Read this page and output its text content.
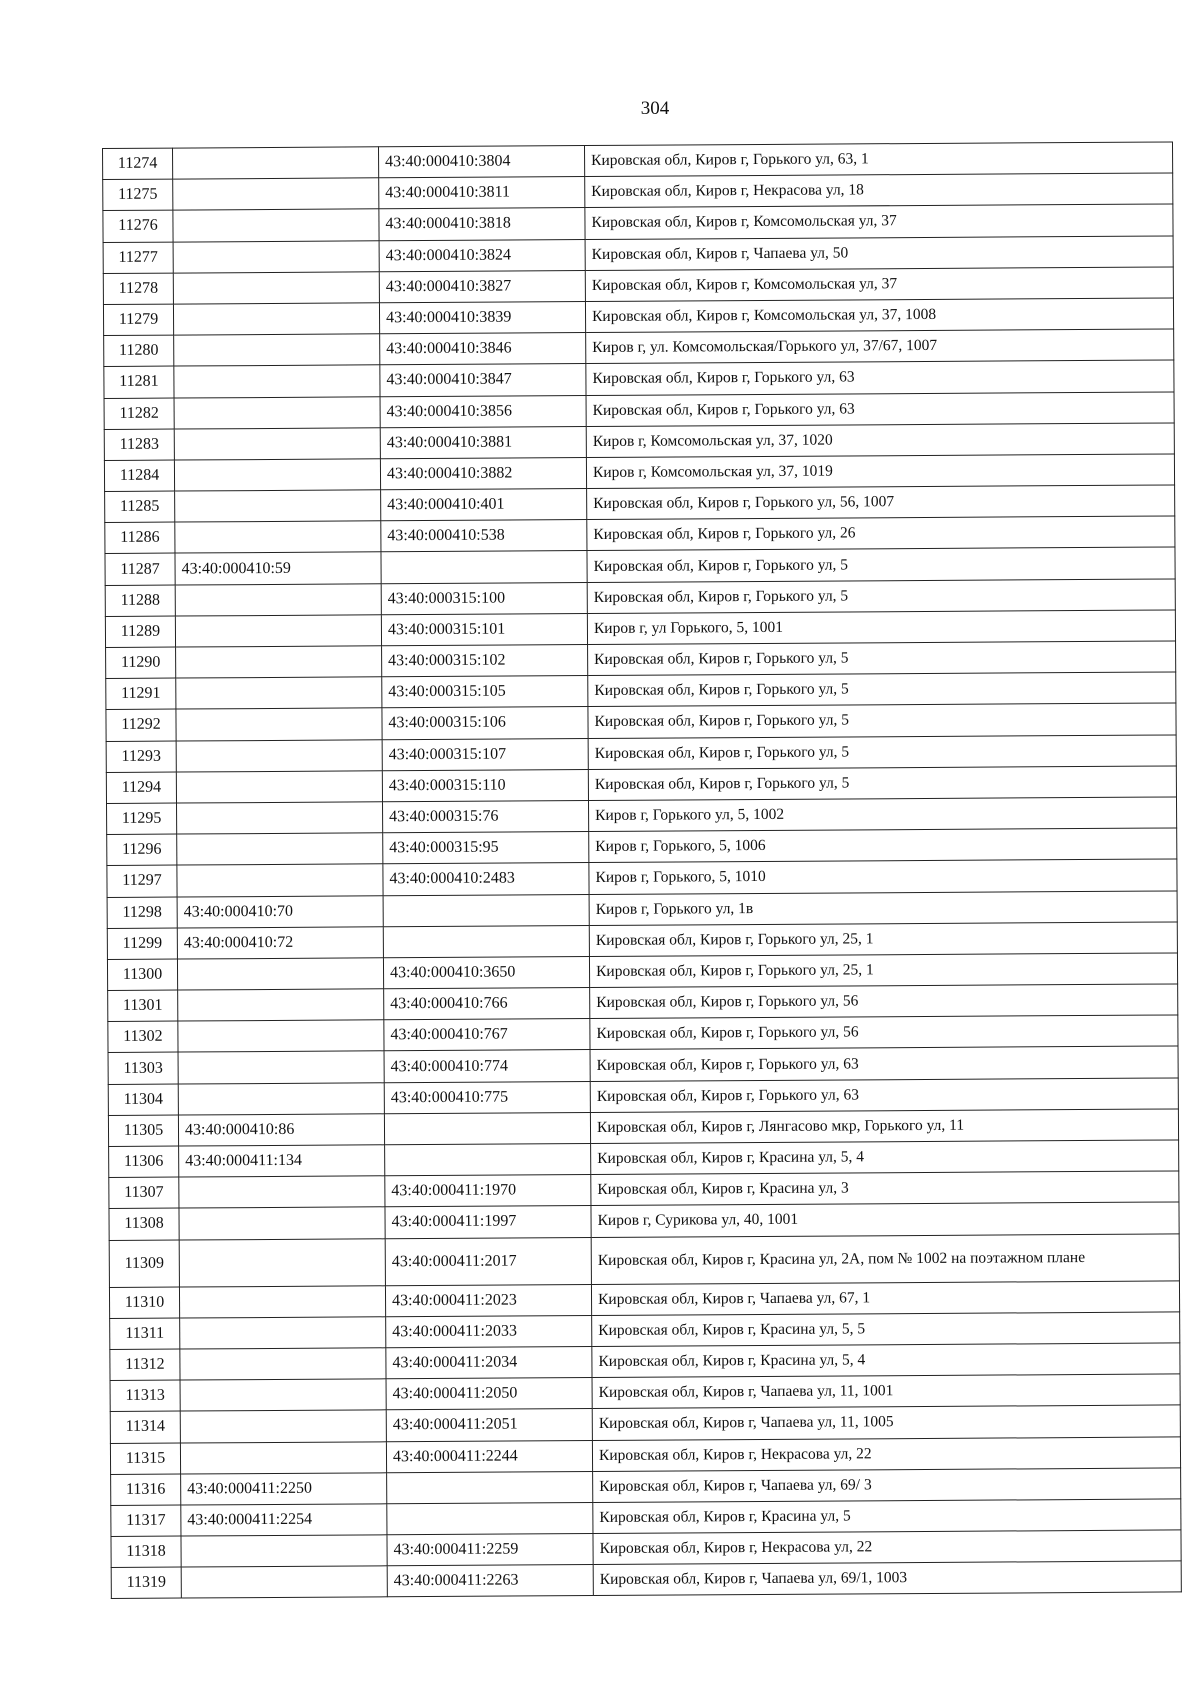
304
11274		43:40:000410:3804	Кировская обл, Киров г, Горького ул, 63, 1
11275		43:40:000410:3811	Кировская обл, Киров г, Некрасова ул, 18
11276		43:40:000410:3818	Кировская обл, Киров г, Комсомольская ул, 37
11277		43:40:000410:3824	Кировская обл, Киров г, Чапаева ул, 50
11278		43:40:000410:3827	Кировская обл, Киров г, Комсомольская ул, 37
11279		43:40:000410:3839	Кировская обл, Киров г, Комсомольская ул, 37, 1008
11280		43:40:000410:3846	Киров г, ул. Комсомольская/Горького ул, 37/67, 1007
11281		43:40:000410:3847	Кировская обл, Киров г, Горького ул, 63
11282		43:40:000410:3856	Кировская обл, Киров г, Горького ул, 63
11283		43:40:000410:3881	Киров г, Комсомольская ул, 37, 1020
11284		43:40:000410:3882	Киров г, Комсомольская ул, 37, 1019
11285		43:40:000410:401	Кировская обл, Киров г, Горького ул, 56, 1007
11286		43:40:000410:538	Кировская обл, Киров г, Горького ул, 26
11287	43:40:000410:59		Кировская обл, Киров г, Горького ул, 5
11288		43:40:000315:100	Кировская обл, Киров г, Горького ул, 5
11289		43:40:000315:101	Киров г, ул Горького, 5, 1001
11290		43:40:000315:102	Кировская обл, Киров г, Горького ул, 5
11291		43:40:000315:105	Кировская обл, Киров г, Горького ул, 5
11292		43:40:000315:106	Кировская обл, Киров г, Горького ул, 5
11293		43:40:000315:107	Кировская обл, Киров г, Горького ул, 5
11294		43:40:000315:110	Кировская обл, Киров г, Горького ул, 5
11295		43:40:000315:76	Киров г, Горького ул, 5, 1002
11296		43:40:000315:95	Киров г, Горького, 5, 1006
11297		43:40:000410:2483	Киров г, Горького, 5, 1010
11298	43:40:000410:70		Киров г, Горького ул, 1в
11299	43:40:000410:72		Кировская обл, Киров г, Горького ул, 25, 1
11300		43:40:000410:3650	Кировская обл, Киров г, Горького ул, 25, 1
11301		43:40:000410:766	Кировская обл, Киров г, Горького ул, 56
11302		43:40:000410:767	Кировская обл, Киров г, Горького ул, 56
11303		43:40:000410:774	Кировская обл, Киров г, Горького ул, 63
11304		43:40:000410:775	Кировская обл, Киров г, Горького ул, 63
11305	43:40:000410:86		Кировская обл, Киров г, Лянгасово мкр, Горького ул, 11
11306	43:40:000411:134		Кировская обл, Киров г, Красина ул, 5, 4
11307		43:40:000411:1970	Кировская обл, Киров г, Красина ул, 3
11308		43:40:000411:1997	Киров г, Сурикова ул, 40, 1001
11309		43:40:000411:2017	Кировская обл, Киров г, Красина ул, 2А, пом № 1002 на поэтажном плане
11310		43:40:000411:2023	Кировская обл, Киров г, Чапаева ул, 67, 1
11311		43:40:000411:2033	Кировская обл, Киров г, Красина ул, 5, 5
11312		43:40:000411:2034	Кировская обл, Киров г, Красина ул, 5, 4
11313		43:40:000411:2050	Кировская обл, Киров г, Чапаева ул, 11, 1001
11314		43:40:000411:2051	Кировская обл, Киров г, Чапаева ул, 11, 1005
11315		43:40:000411:2244	Кировская обл, Киров г, Некрасова ул, 22
11316	43:40:000411:2250		Кировская обл, Киров г, Чапаева ул, 69/ 3
11317	43:40:000411:2254		Кировская обл, Киров г, Красина ул, 5
11318		43:40:000411:2259	Кировская обл, Киров г, Некрасова ул, 22
11319		43:40:000411:2263	Кировская обл, Киров г, Чапаева ул, 69/1, 1003
